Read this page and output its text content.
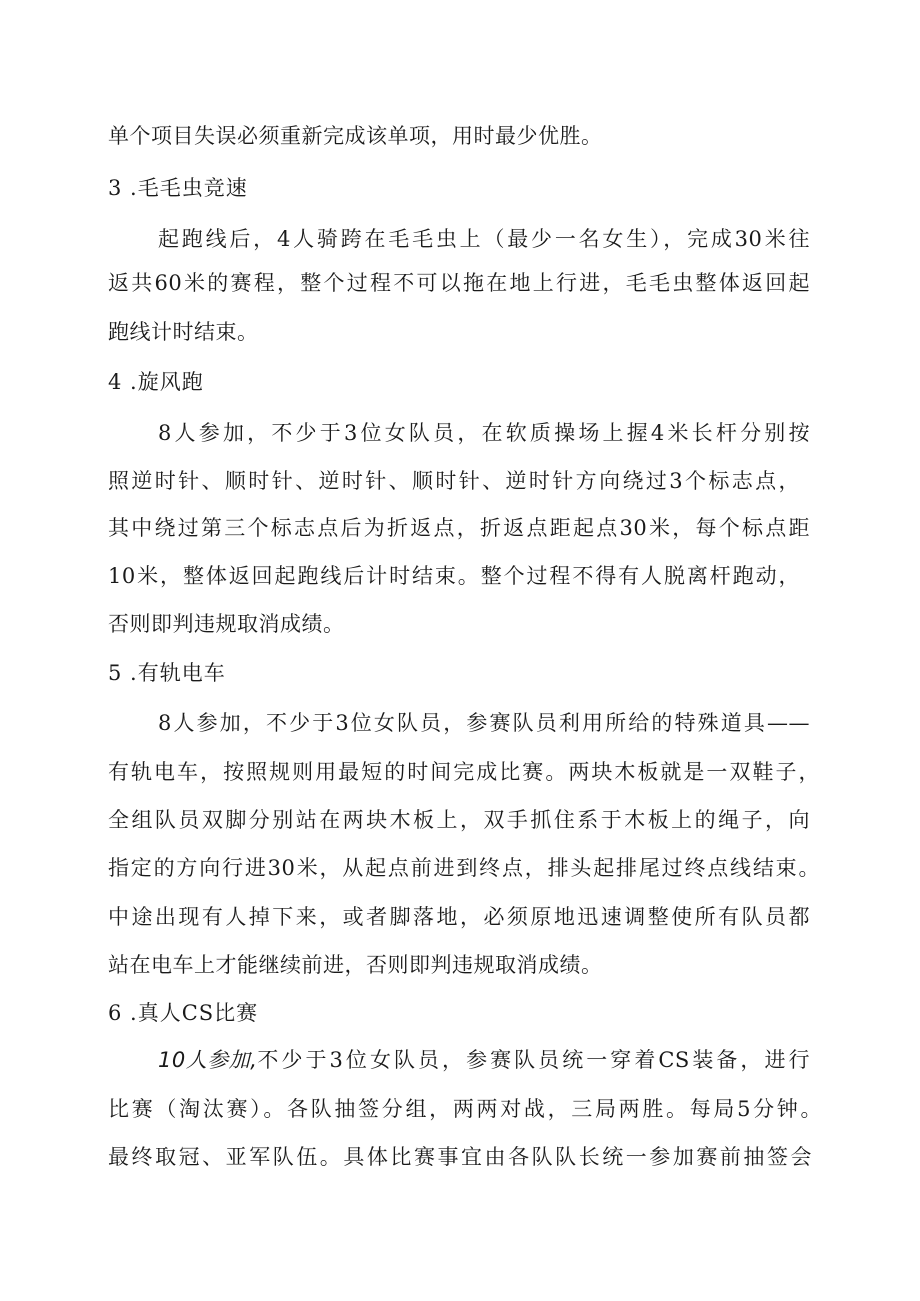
单个项目失误必须重新完成该单项，用时最少优胜。
3 .毛毛虫竞速
起跑线后，4人骑跨在毛毛虫上（最少一名女生），完成30米往
返共60米的赛程，整个过程不可以拖在地上行进，毛毛虫整体返回起
跑线计时结束。
4 .旋风跑
8人参加，不少于3位女队员，在软质操场上握4米长杆分别按
照逆时针、顺时针、逆时针、顺时针、逆时针方向绕过3个标志点，
其中绕过第三个标志点后为折返点，折返点距起点30米，每个标点距
10米，整体返回起跑线后计时结束。整个过程不得有人脱离杆跑动，
否则即判违规取消成绩。
5 .有轨电车
8人参加，不少于3位女队员，参赛队员利用所给的特殊道具——
有轨电车，按照规则用最短的时间完成比赛。两块木板就是一双鞋子，
全组队员双脚分别站在两块木板上，双手抓住系于木板上的绳子，向
指定的方向行进30米，从起点前进到终点，排头起排尾过终点线结束。
中途出现有人掉下来，或者脚落地，必须原地迅速调整使所有队员都
站在电车上才能继续前进，否则即判违规取消成绩。
6 .真人CS比赛
10人参加, 不少于3位女队员，参赛队员统一穿着CS装备，进行
比赛（淘汰赛）。各队抽签分组，两两对战，三局两胜。每局5分钟。
最终取冠、亚军队伍。具体比赛事宜由各队队长统一参加赛前抽签会
